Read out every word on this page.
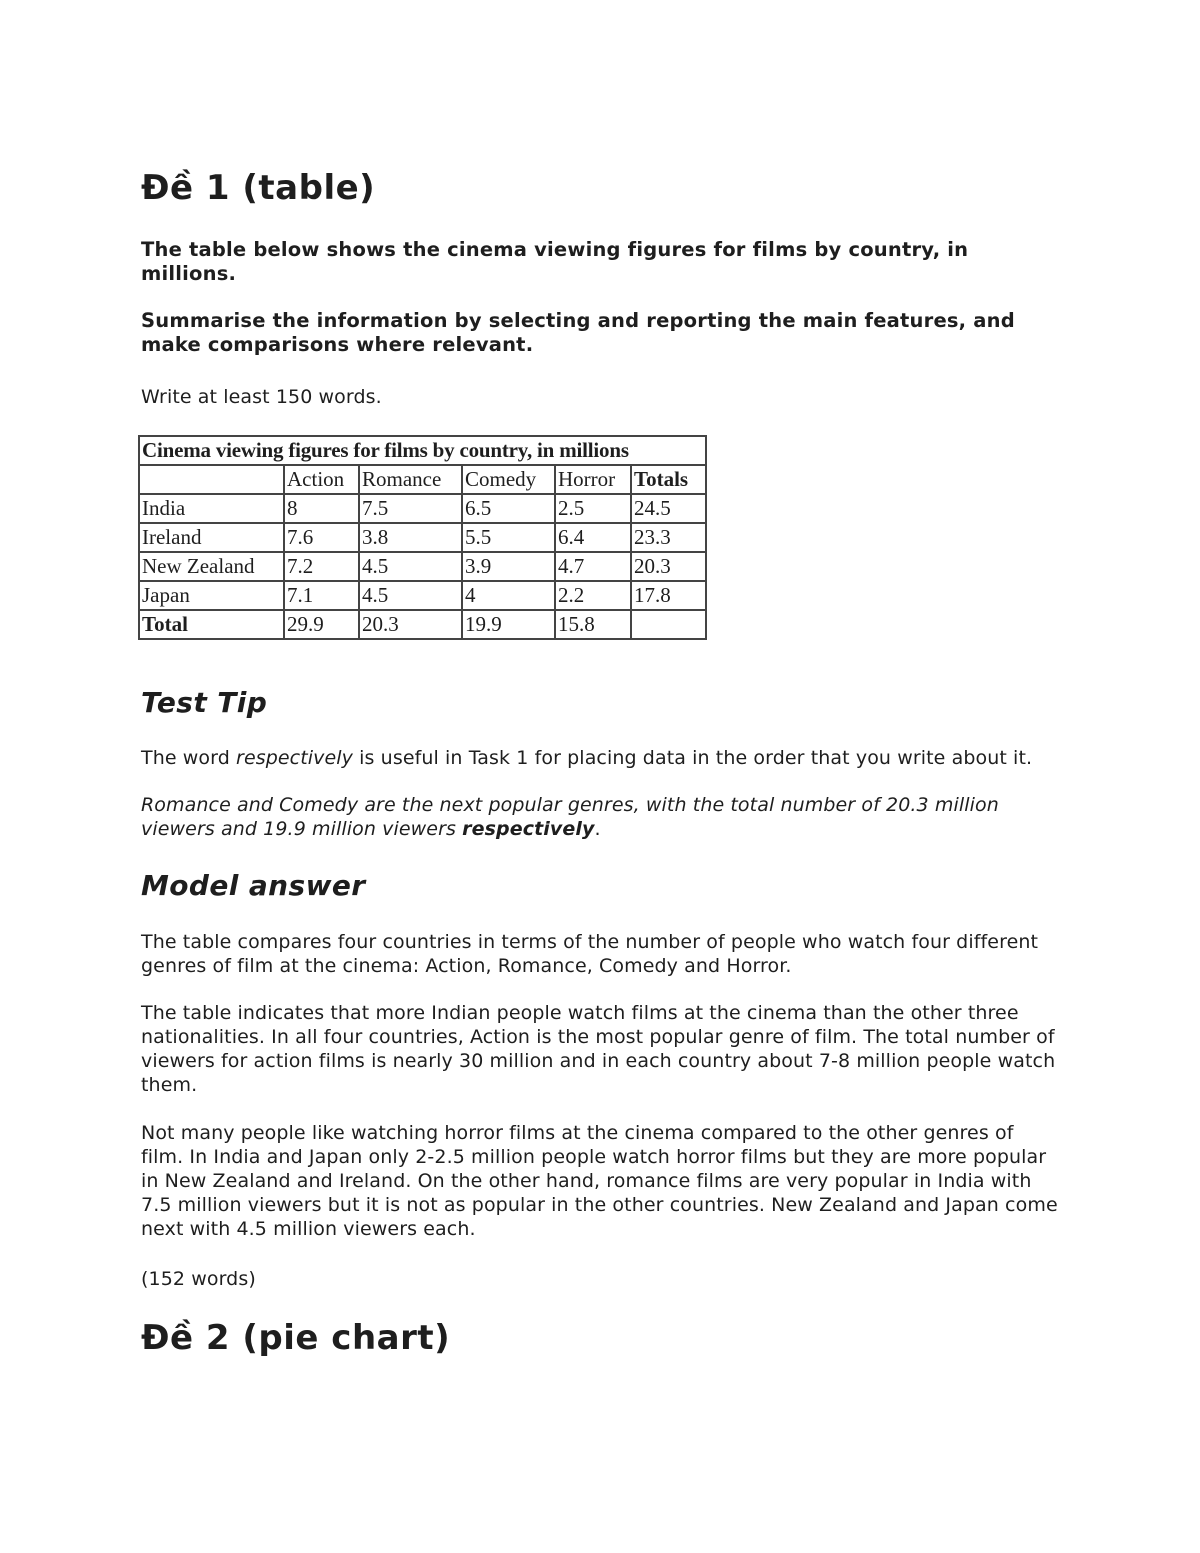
Đề 1 (table)

The table below shows the cinema viewing figures for films by country, in millions.

Summarise the information by selecting and reporting the main features, and make comparisons where relevant.

Write at least 150 words.

Cinema viewing figures for films by country, in millions					
	Action	Romance	Comedy	Horror	Totals
India	8	7.5	6.5	2.5	24.5
Ireland	7.6	3.8	5.5	6.4	23.3
New Zealand	7.2	4.5	3.9	4.7	20.3
Japan	7.1	4.5	4	2.2	17.8
Total	29.9	20.3	19.9	15.8	
Test Tip

The word respectively is useful in Task 1 for placing data in the order that you write about it.

Romance and Comedy are the next popular genres, with the total number of 20.3 million viewers and 19.9 million viewers respectively.

Model answer

The table compares four countries in terms of the number of people who watch four different genres of film at the cinema: Action, Romance, Comedy and Horror.

The table indicates that more Indian people watch films at the cinema than the other three nationalities. In all four countries, Action is the most popular genre of film. The total number of viewers for action films is nearly 30 million and in each country about 7-8 million people watch them.

Not many people like watching horror films at the cinema compared to the other genres of film. In India and Japan only 2-2.5 million people watch horror films but they are more popular in New Zealand and Ireland. On the other hand, romance films are very popular in India with 7.5 million viewers but it is not as popular in the other countries. New Zealand and Japan come next with 4.5 million viewers each.

(152 words)

Đề 2 (pie chart)
